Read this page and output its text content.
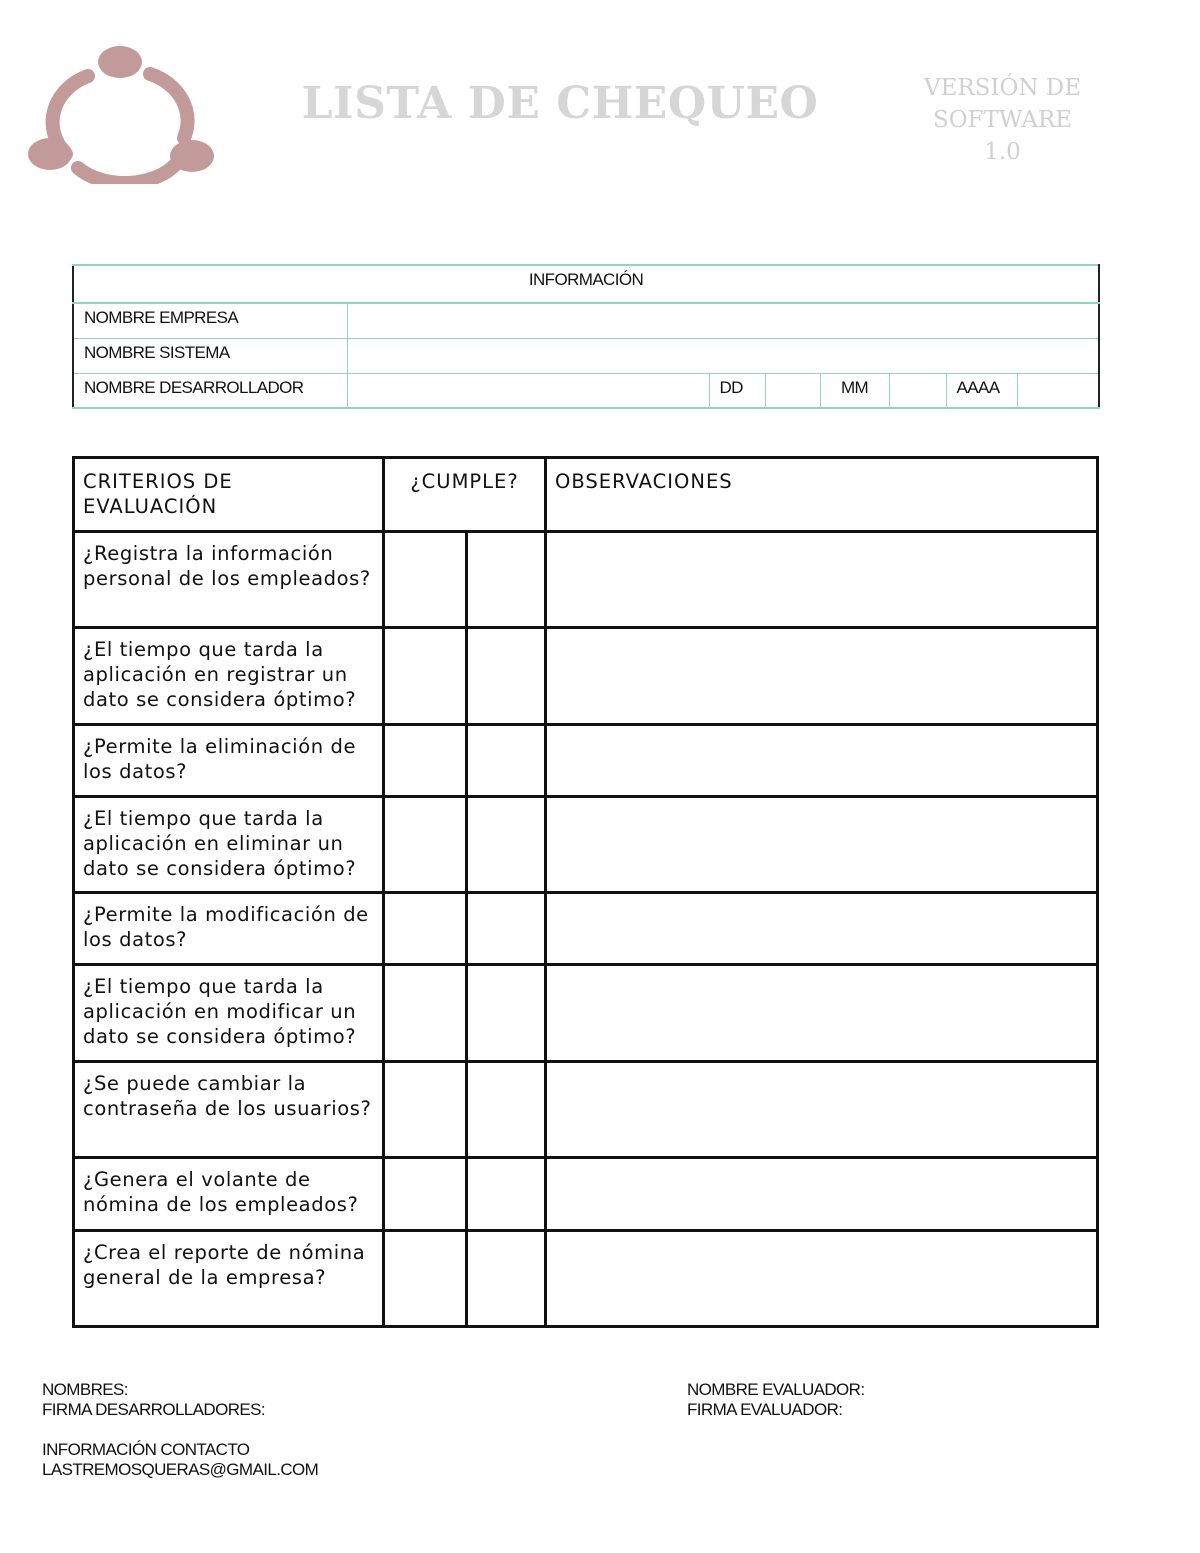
LISTA DE CHEQUEO	VERSIÓN DE
SOFTWARE
1.0
INFORMACIÓN							
NOMBRE EMPRESA							
NOMBRE SISTEMA							
NOMBRE DESARROLLADOR		DD		MM		AAAA	
CRITERIOS DE EVALUACIÓN	¿CUMPLE?		OBSERVACIONES
¿Registra la información personal de los empleados?			
¿El tiempo que tarda la aplicación en registrar un dato se considera óptimo?			
¿Permite la eliminación de los datos?			
¿El tiempo que tarda la aplicación en eliminar un dato se considera óptimo?			
¿Permite la modificación de los datos?			
¿El tiempo que tarda la aplicación en modificar un dato se considera óptimo?			
¿Se puede cambiar la contraseña de los usuarios?			
¿Genera el volante de nómina de los empleados?			
¿Crea el reporte de nómina general de la empresa?			
NOMBRES:
FIRMA DESARROLLADORES:
INFORMACIÓN CONTACTO
LASTREMOSQUERAS@GMAIL.COM
NOMBRE EVALUADOR:
FIRMA EVALUADOR:
